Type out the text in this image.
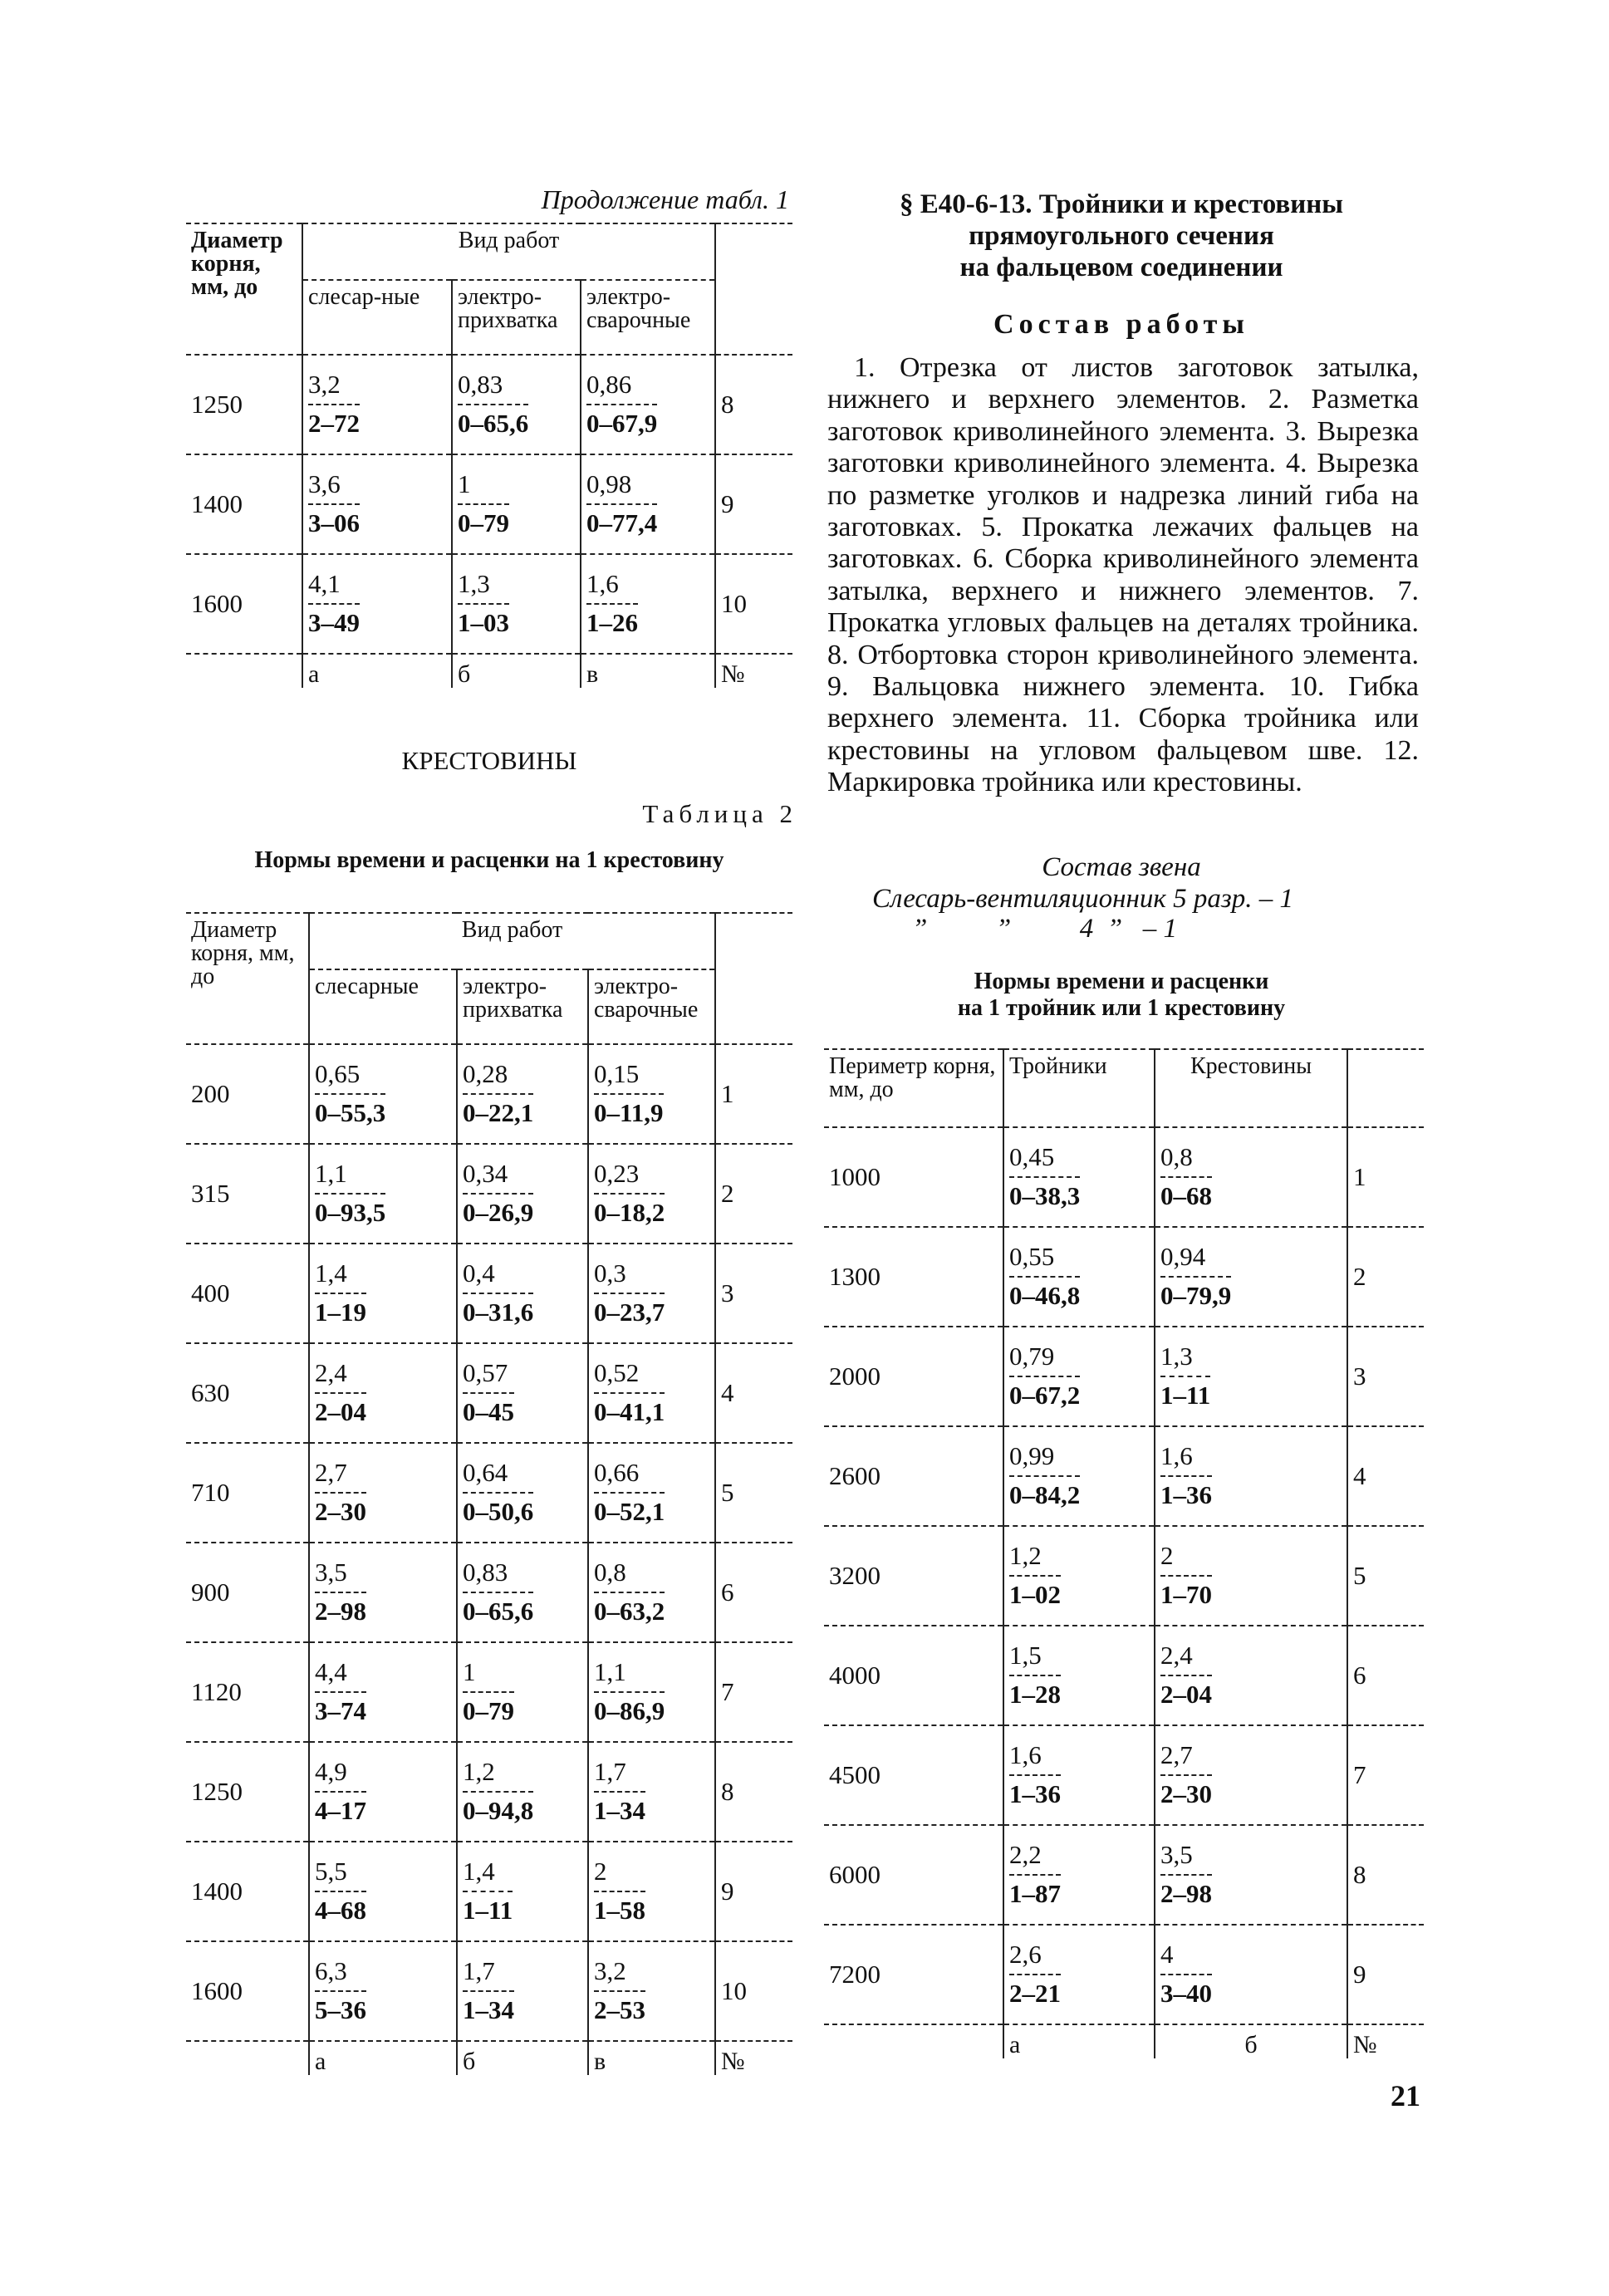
Продолжение табл. 1
Диаметр корня, мм, до	Вид работ			
	слесар-ные	электро-прихватка	электро-сварочные	
1250	$\frac{3,2}{2-72}$	$\frac{0,83}{0-65,6}$	$\frac{0,86}{0-67,9}$	8
1400	$\frac{3,6}{3-06}$	$\frac{1}{0-79}$	$\frac{0,98}{0-77,4}$	9
1600	$\frac{4,1}{3-49}$	$\frac{1,3}{1-03}$	$\frac{1,6}{1-26}$	10
	а	б	в	№
КРЕСТОВИНЫ
Таблица 2
Нормы времени и расценки на 1 крестовину
Диаметр корня, мм, до	Вид работ			
	слесарные	электро-прихватка	электро-сварочные	
200	$\frac{0,65}{0-55,3}$	$\frac{0,28}{0-22,1}$	$\frac{0,15}{0-11,9}$	1
315	$\frac{1,1}{0-93,5}$	$\frac{0,34}{0-26,9}$	$\frac{0,23}{0-18,2}$	2
400	$\frac{1,4}{1-19}$	$\frac{0,4}{0-31,6}$	$\frac{0,3}{0-23,7}$	3
630	$\frac{2,4}{2-04}$	$\frac{0,57}{0-45}$	$\frac{0,52}{0-41,1}$	4
710	$\frac{2,7}{2-30}$	$\frac{0,64}{0-50,6}$	$\frac{0,66}{0-52,1}$	5
900	$\frac{3,5}{2-98}$	$\frac{0,83}{0-65,6}$	$\frac{0,8}{0-63,2}$	6
1120	$\frac{4,4}{3-74}$	$\frac{1}{0-79}$	$\frac{1,1}{0-86,9}$	7
1250	$\frac{4,9}{4-17}$	$\frac{1,2}{0-94,8}$	$\frac{1,7}{1-34}$	8
1400	$\frac{5,5}{4-68}$	$\frac{1,4}{1-11}$	$\frac{2}{1-58}$	9
1600	$\frac{6,3}{5-36}$	$\frac{1,7}{1-34}$	$\frac{3,2}{2-53}$	10
	а	б	в	№
§ Е40-6-13. Тройники и крестовины
прямоугольного сечения
на фальцевом соединении
Состав работы
1. Отрезка от листов заготовок затылка, нижнего и верхнего элементов. 2. Разметка заготовок криволинейного элемента. 3. Вырезка заготовки криволинейного элемента. 4. Вырезка по разметке уголков и надрезка линий гиба на заготовках. 5. Прокатка лежачих фальцев на заготовках. 6. Сборка криволинейного элемента затылка, верхнего и нижнего элементов. 7. Прокатка угловых фальцев на деталях тройника. 8. Отбортовка сторон криволинейного элемента. 9. Вальцовка нижнего элемента. 10. Гибка верхнего элемента. 11. Сборка тройника или крестовины на угловом фальцевом шве. 12. Маркировка тройника или крестовины.
Состав звена
Слесарь-вентиляционник 5 разр. – 1
”          ”          4  ”   – 1
Нормы времени и расценки
на 1 тройник или 1 крестовину
Периметр корня, мм, до	Тройники	Крестовины	
1000	$\frac{0,45}{0-38,3}$	$\frac{0,8}{0-68}$	1
1300	$\frac{0,55}{0-46,8}$	$\frac{0,94}{0-79,9}$	2
2000	$\frac{0,79}{0-67,2}$	$\frac{1,3}{1-11}$	3
2600	$\frac{0,99}{0-84,2}$	$\frac{1,6}{1-36}$	4
3200	$\frac{1,2}{1-02}$	$\frac{2}{1-70}$	5
4000	$\frac{1,5}{1-28}$	$\frac{2,4}{2-04}$	6
4500	$\frac{1,6}{1-36}$	$\frac{2,7}{2-30}$	7
6000	$\frac{2,2}{1-87}$	$\frac{3,5}{2-98}$	8
7200	$\frac{2,6}{2-21}$	$\frac{4}{3-40}$	9
	а	б	№
21
